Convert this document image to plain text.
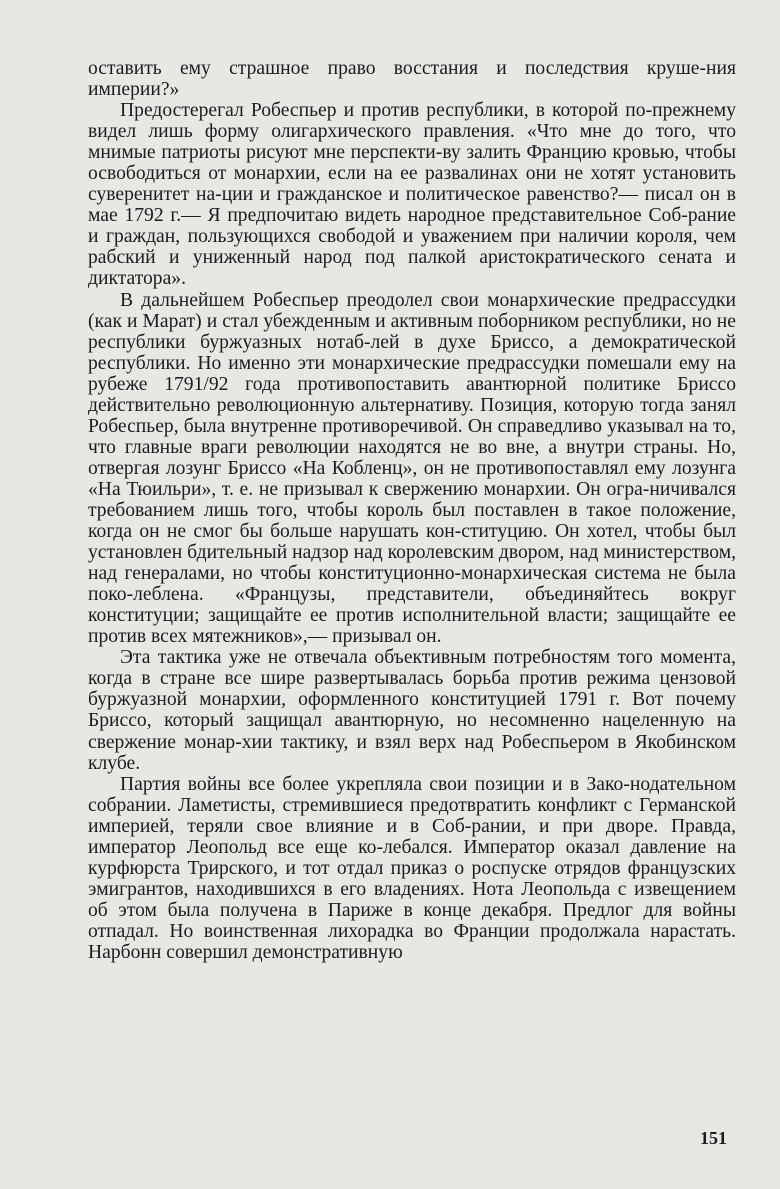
оставить ему страшное право восстания и последствия круше-ния империи?»

Предостерегал Робеспьер и против республики, в которой по-прежнему видел лишь форму олигархического правления. «Что мне до того, что мнимые патриоты рисуют мне перспекти-ву залить Францию кровью, чтобы освободиться от монархии, если на ее развалинах они не хотят установить суверенитет на-ции и гражданское и политическое равенство?— писал он в мае 1792 г.— Я предпочитаю видеть народное представительное Соб-рание и граждан, пользующихся свободой и уважением при наличии короля, чем рабский и униженный народ под палкой аристократического сената и диктатора».

В дальнейшем Робеспьер преодолел свои монархические предрассудки (как и Марат) и стал убежденным и активным поборником республики, но не республики буржуазных нотаб-лей в духе Бриссо, а демократической республики. Но именно эти монархические предрассудки помешали ему на рубеже 1791/92 года противопоставить авантюрной политике Бриссо действительно революционную альтернативу. Позиция, которую тогда занял Робеспьер, была внутренне противоречивой. Он справедливо указывал на то, что главные враги революции находятся не во вне, а внутри страны. Но, отвергая лозунг Бриссо «На Кобленц», он не противопоставлял ему лозунга «На Тюильри», т. е. не призывал к свержению монархии. Он огра-ничивался требованием лишь того, чтобы король был поставлен в такое положение, когда он не смог бы больше нарушать кон-ституцию. Он хотел, чтобы был установлен бдительный надзор над королевским двором, над министерством, над генералами, но чтобы конституционно-монархическая система не была поко-леблена. «Французы, представители, объединяйтесь вокруг конституции; защищайте ее против исполнительной власти; защищайте ее против всех мятежников»,— призывал он.

Эта тактика уже не отвечала объективным потребностям того момента, когда в стране все шире развертывалась борьба против режима цензовой буржуазной монархии, оформленного конституцией 1791 г. Вот почему Бриссо, который защищал авантюрную, но несомненно нацеленную на свержение монар-хии тактику, и взял верх над Робеспьером в Якобинском клубе.

Партия войны все более укрепляла свои позиции и в Зако-нодательном собрании. Ламетисты, стремившиеся предотвратить конфликт с Германской империей, теряли свое влияние и в Соб-рании, и при дворе. Правда, император Леопольд все еще ко-лебался. Император оказал давление на курфюрста Трирского, и тот отдал приказ о роспуске отрядов французских эмигрантов, находившихся в его владениях. Нота Леопольда с извещением об этом была получена в Париже в конце декабря. Предлог для войны отпадал. Но воинственная лихорадка во Франции продолжала нарастать. Нарбонн совершил демонстративную

151
